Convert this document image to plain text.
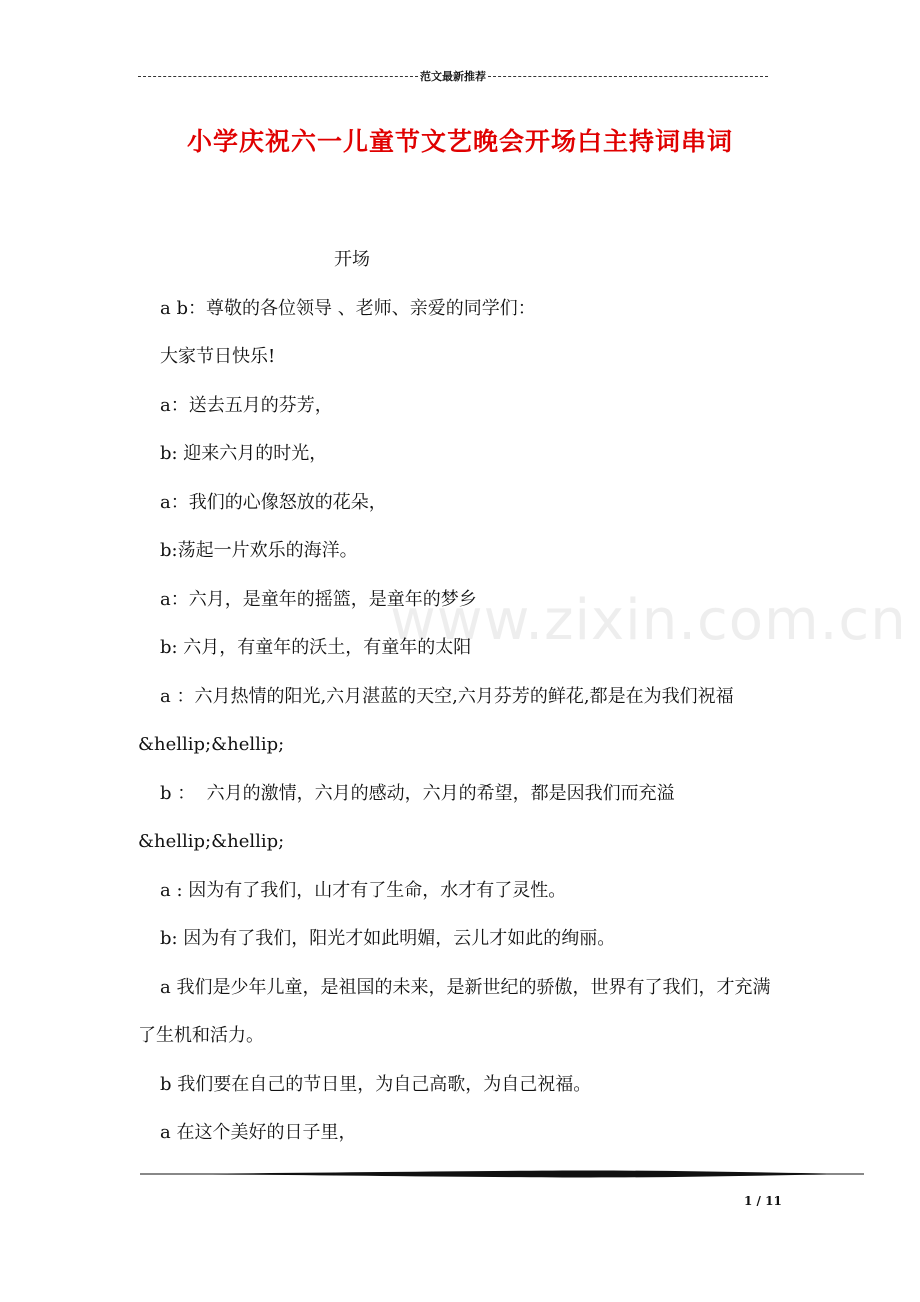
范文最新推荐
小学庆祝六一儿童节文艺晚会开场白主持词串词
www.zixin.com.cn

开场

a b：尊敬的各位领导 、老师、亲爱的同学们：

大家节日快乐!

a：送去五月的芬芳，

b: 迎来六月的时光，

a：我们的心像怒放的花朵，

b:荡起一片欢乐的海洋。

a：六月，是童年的摇篮，是童年的梦乡

b: 六月，有童年的沃土，有童年的太阳

a ：六月热情的阳光,六月湛蓝的天空,六月芬芳的鲜花,都是在为我们祝福&hellip;&hellip;

b ：  六月的激情，六月的感动，六月的希望，都是因我们而充溢&hellip;&hellip;

a : 因为有了我们，山才有了生命，水才有了灵性。

b: 因为有了我们，阳光才如此明媚，云儿才如此的绚丽。

a 我们是少年儿童，是祖国的未来，是新世纪的骄傲，世界有了我们，才充满了生机和活力。

b 我们要在自己的节日里，为自己高歌，为自己祝福。

a 在这个美好的日子里，

1 / 11
